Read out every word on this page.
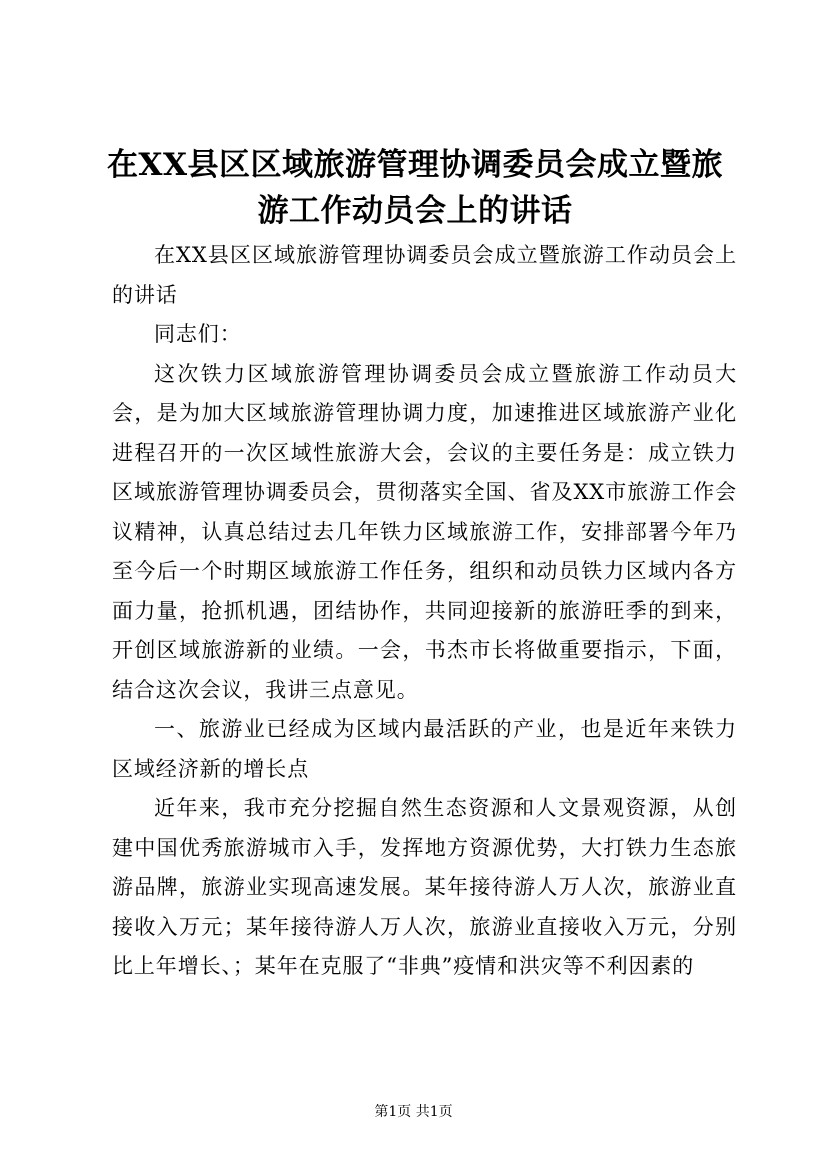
在XX县区区域旅游管理协调委员会成立暨旅游工作动员会上的讲话

在XX县区区域旅游管理协调委员会成立暨旅游工作动员会上的讲话

同志们：

这次铁力区域旅游管理协调委员会成立暨旅游工作动员大会，是为加大区域旅游管理协调力度，加速推进区域旅游产业化进程召开的一次区域性旅游大会，会议的主要任务是：成立铁力区域旅游管理协调委员会，贯彻落实全国、省及XX市旅游工作会议精神，认真总结过去几年铁力区域旅游工作，安排部署今年乃至今后一个时期区域旅游工作任务，组织和动员铁力区域内各方面力量，抢抓机遇，团结协作，共同迎接新的旅游旺季的到来，开创区域旅游新的业绩。一会，书杰市长将做重要指示，下面，结合这次会议，我讲三点意见。

一、旅游业已经成为区域内最活跃的产业，也是近年来铁力区域经济新的增长点

近年来，我市充分挖掘自然生态资源和人文景观资源，从创建中国优秀旅游城市入手，发挥地方资源优势，大打铁力生态旅游品牌，旅游业实现高速发展。某年接待游人万人次，旅游业直接收入万元；某年接待游人万人次，旅游业直接收入万元，分别比上年增长、；某年在克服了“非典”疫情和洪灾等不利因素的

第1页 共1页
